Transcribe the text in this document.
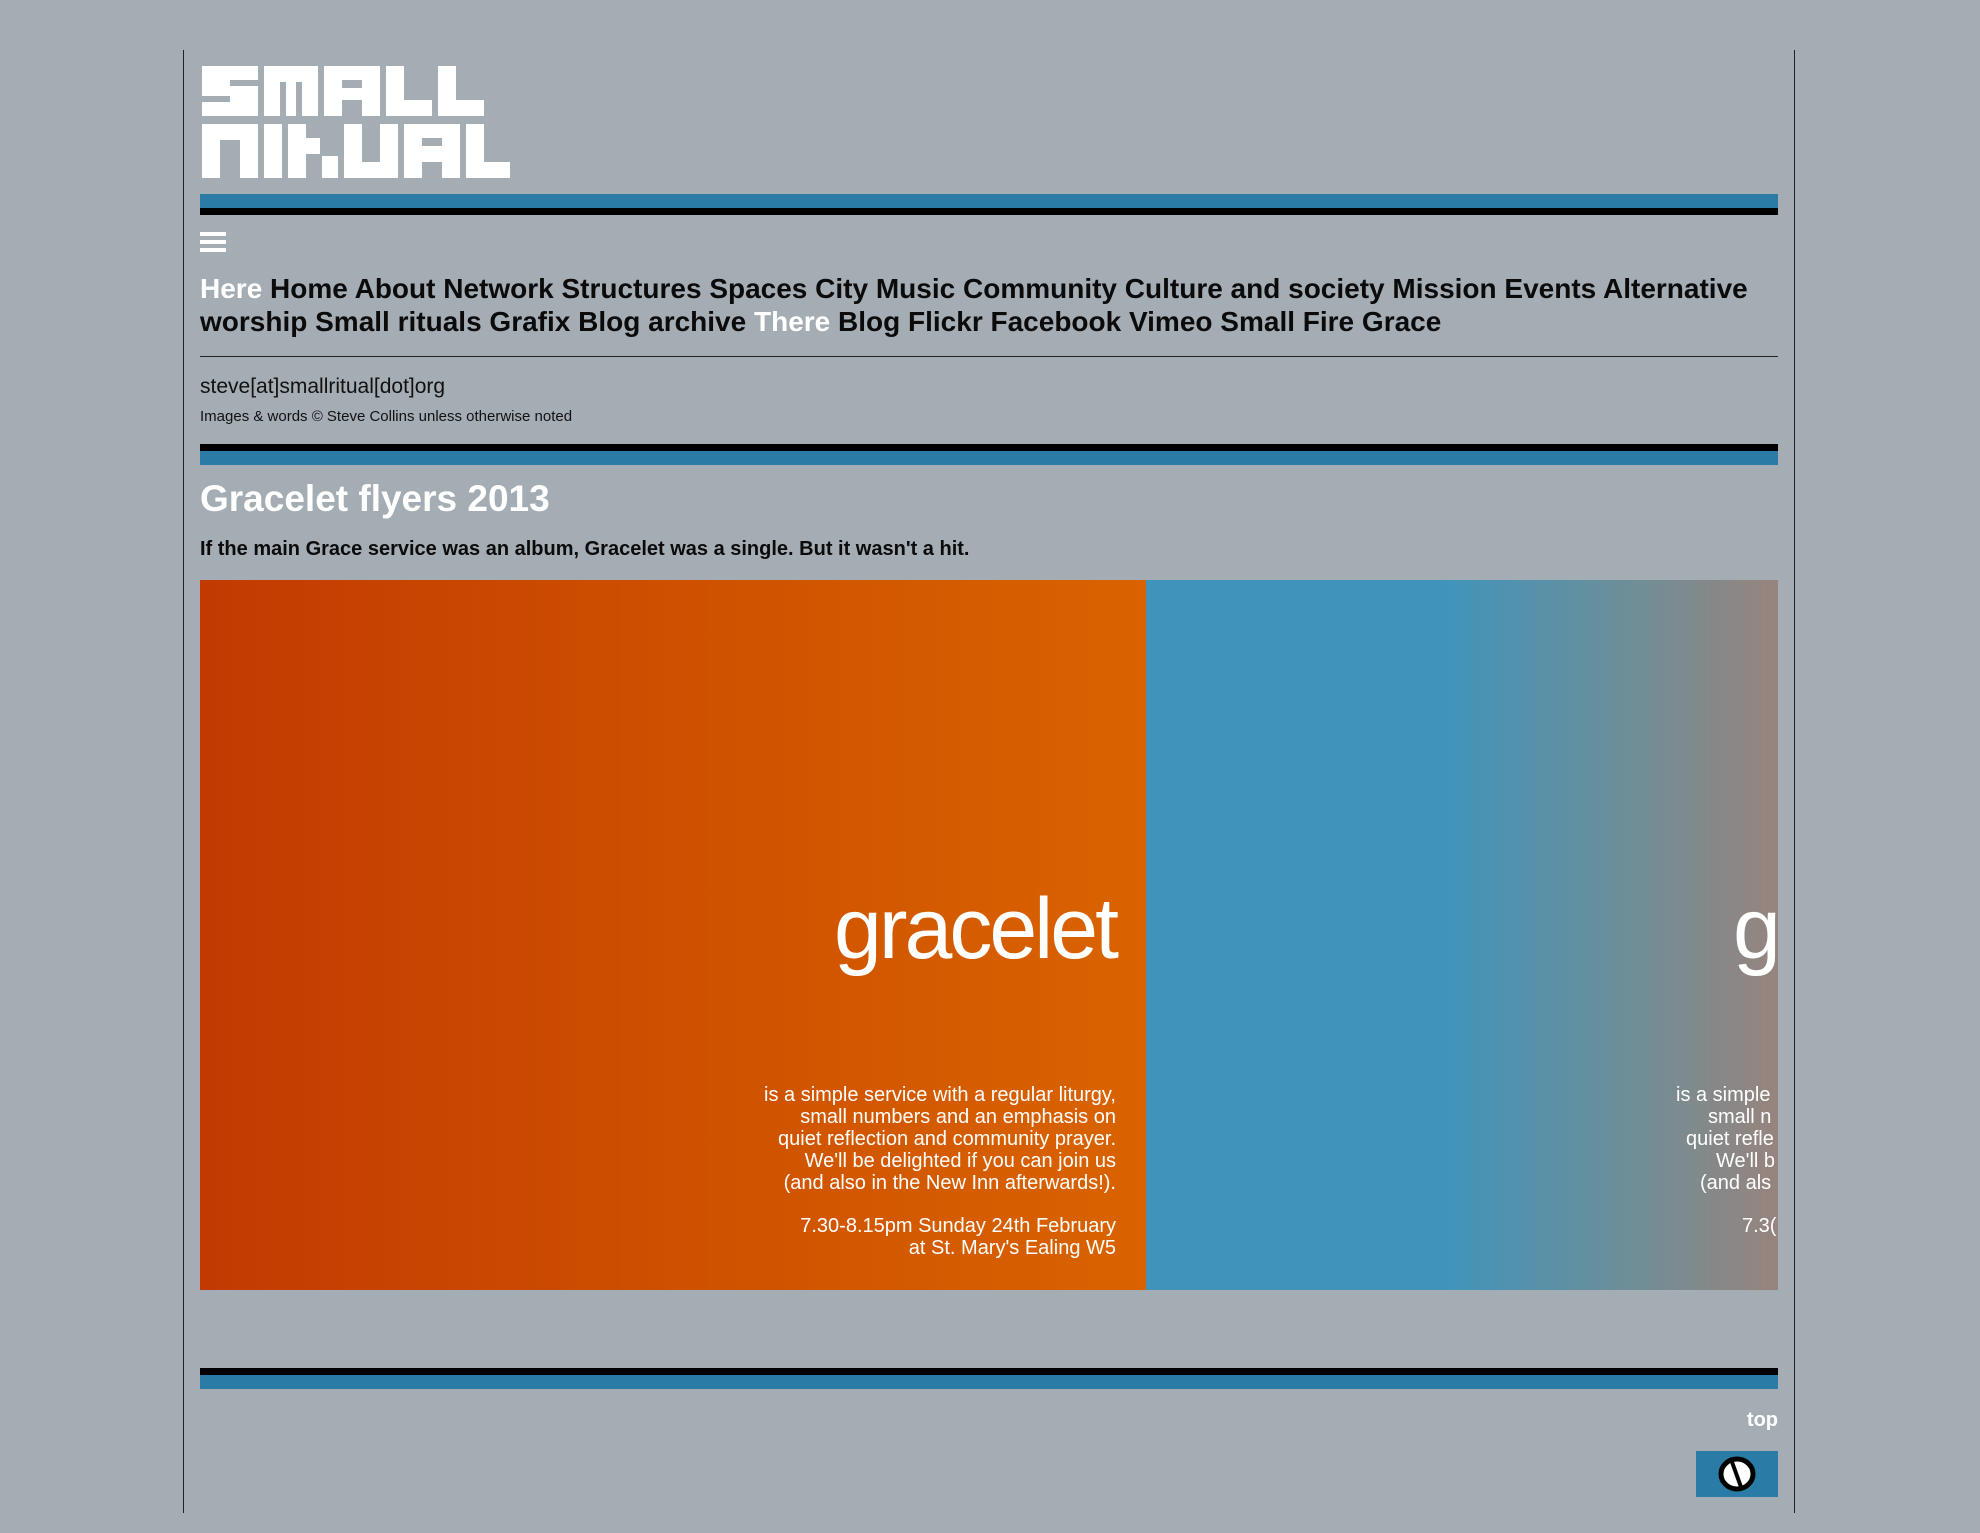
Here Home About Network Structures Spaces City Music Community Culture and society Mission Events Alternative worship Small rituals Grafix Blog archive There Blog Flickr Facebook Vimeo Small Fire Grace
steve[at]smallritual[dot]org
Images & words © Steve Collins unless otherwise noted
Gracelet flyers 2013

If the main Grace service was an album, Gracelet was a single. But it wasn't a hit.

gracelet
is a simple service with a regular liturgy,
small numbers and an emphasis on
quiet reflection and community prayer.
We'll be delighted if you can join us
(and also in the New Inn afterwards!).
7.30-8.15pm Sunday 24th February
at St. Mary's Ealing W5
g
is a simple
small n
quiet refle
We'll b
(and als
7.3(
top
